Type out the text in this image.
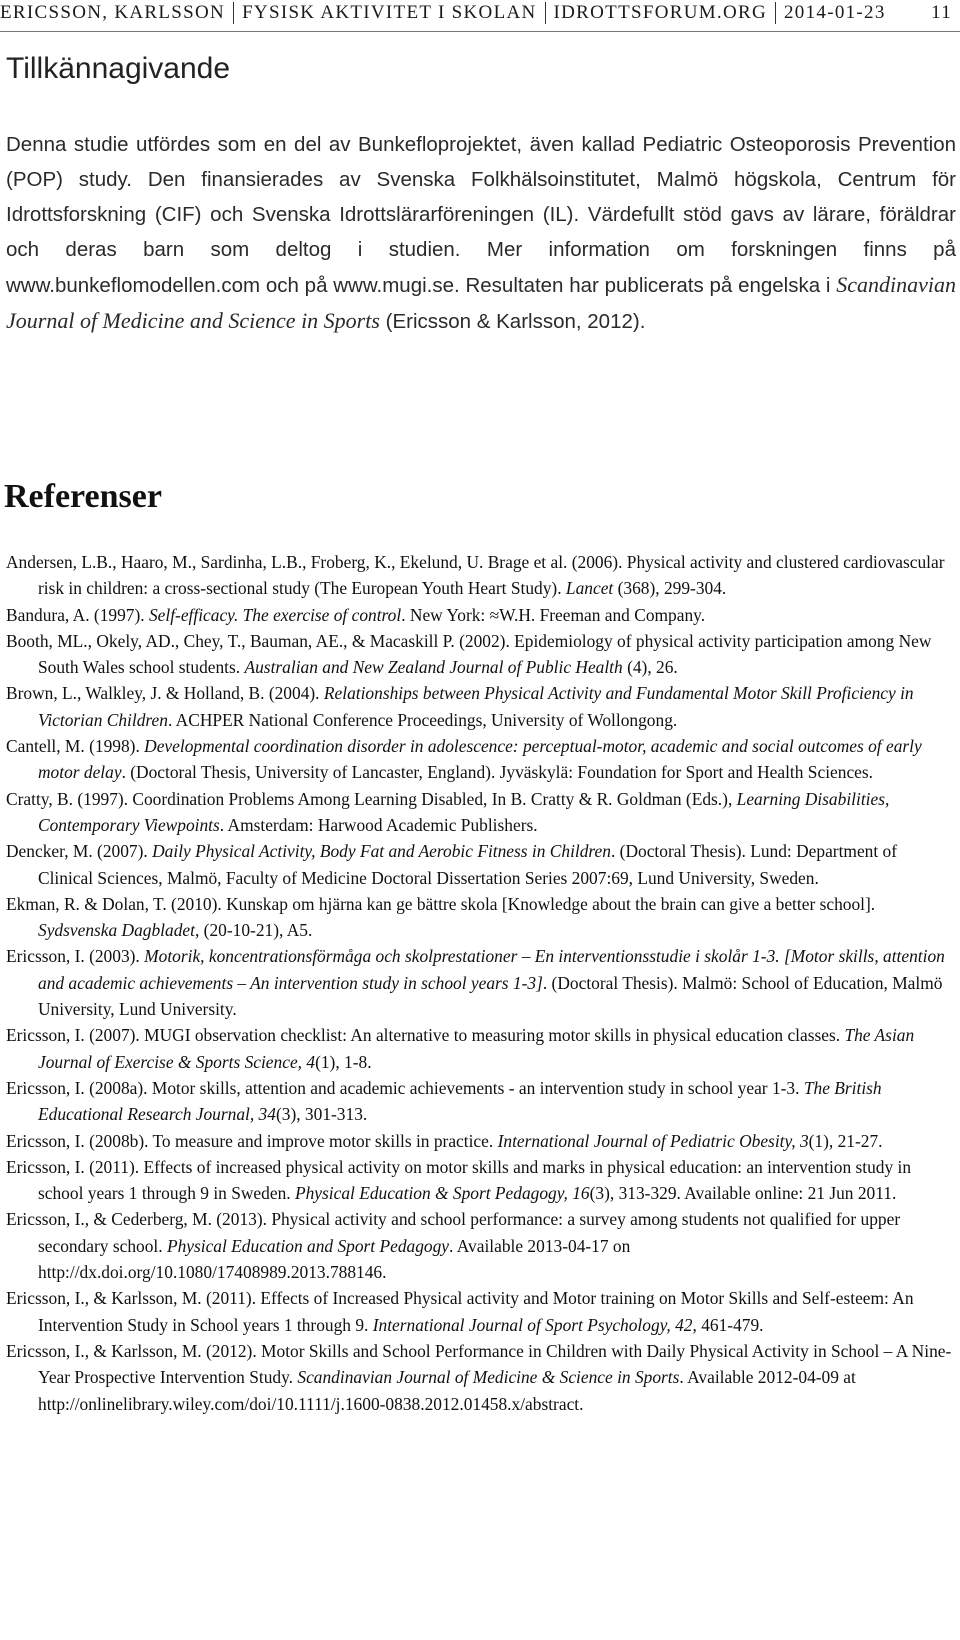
ERICSSON, KARLSSON FYSISK AKTIVITET I SKOLAN IDROTTSFORUM.ORG 2014-01-23 11
Tillkännagivande

Denna studie utfördes som en del av Bunkefloprojektet, även kallad Pediatric Osteoporosis Prevention (POP) study. Den finansierades av Svenska Folkhälsoinstitutet, Malmö högskola, Centrum för Idrottsforskning (CIF) och Svenska Idrottslärarföreningen (IL). Värdefullt stöd gavs av lärare, föräldrar och deras barn som deltog i studien. Mer information om forskningen finns på www.bunkeflomodellen.com och på www.mugi.se. Resultaten har publicerats på engelska i Scandinavian Journal of Medicine and Science in Sports (Ericsson & Karlsson, 2012).

Referenser
Andersen, L.B., Haaro, M., Sardinha, L.B., Froberg, K., Ekelund, U. Brage et al. (2006). Physical activity and clustered cardiovascular risk in children: a cross-sectional study (The European Youth Heart Study). Lancet (368), 299-304.
Bandura, A. (1997). Self-efficacy. The exercise of control. New York: ≈W.H. Freeman and Company.
Booth, ML., Okely, AD., Chey, T., Bauman, AE., & Macaskill P. (2002). Epidemiology of physical activity participation among New South Wales school students. Australian and New Zealand Journal of Public Health (4), 26.
Brown, L., Walkley, J. & Holland, B. (2004). Relationships between Physical Activity and Fundamental Motor Skill Proficiency in Victorian Children. ACHPER National Conference Proceedings, University of Wollongong.
Cantell, M. (1998). Developmental coordination disorder in adolescence: perceptual-motor, academic and social outcomes of early motor delay. (Doctoral Thesis, University of Lancaster, England). Jyväskylä: Foundation for Sport and Health Sciences.
Cratty, B. (1997). Coordination Problems Among Learning Disabled, In B. Cratty & R. Goldman (Eds.), Learning Disabilities, Contemporary Viewpoints. Amsterdam: Harwood Academic Publishers.
Dencker, M. (2007). Daily Physical Activity, Body Fat and Aerobic Fitness in Children. (Doctoral Thesis). Lund: Department of Clinical Sciences, Malmö, Faculty of Medicine Doctoral Dissertation Series 2007:69, Lund University, Sweden.
Ekman, R. & Dolan, T. (2010). Kunskap om hjärna kan ge bättre skola [Knowledge about the brain can give a better school]. Sydsvenska Dagbladet, (20-10-21), A5.
Ericsson, I. (2003). Motorik, koncentrationsförmåga och skolprestationer – En interventionsstudie i skolår 1-3. [Motor skills, attention and academic achievements – An intervention study in school years 1-3]. (Doctoral Thesis). Malmö: School of Education, Malmö University, Lund University.
Ericsson, I. (2007). MUGI observation checklist: An alternative to measuring motor skills in physical education classes. The Asian Journal of Exercise & Sports Science, 4(1), 1-8.
Ericsson, I. (2008a). Motor skills, attention and academic achievements - an intervention study in school year 1-3. The British Educational Research Journal, 34(3), 301-313.
Ericsson, I. (2008b). To measure and improve motor skills in practice. International Journal of Pediatric Obesity, 3(1), 21-27.
Ericsson, I. (2011). Effects of increased physical activity on motor skills and marks in physical education: an intervention study in school years 1 through 9 in Sweden. Physical Education & Sport Pedagogy, 16(3), 313-329. Available online: 21 Jun 2011.
Ericsson, I., & Cederberg, M. (2013). Physical activity and school performance: a survey among students not qualified for upper secondary school. Physical Education and Sport Pedagogy. Available 2013-04-17 on http://dx.doi.org/10.1080/17408989.2013.788146.
Ericsson, I., & Karlsson, M. (2011). Effects of Increased Physical activity and Motor training on Motor Skills and Self-esteem: An Intervention Study in School years 1 through 9. International Journal of Sport Psychology, 42, 461-479.
Ericsson, I., & Karlsson, M. (2012). Motor Skills and School Performance in Children with Daily Physical Activity in School – A Nine-Year Prospective Intervention Study. Scandinavian Journal of Medicine & Science in Sports. Available 2012-04-09 at http://onlinelibrary.wiley.com/doi/10.1111/j.1600-0838.2012.01458.x/abstract.
